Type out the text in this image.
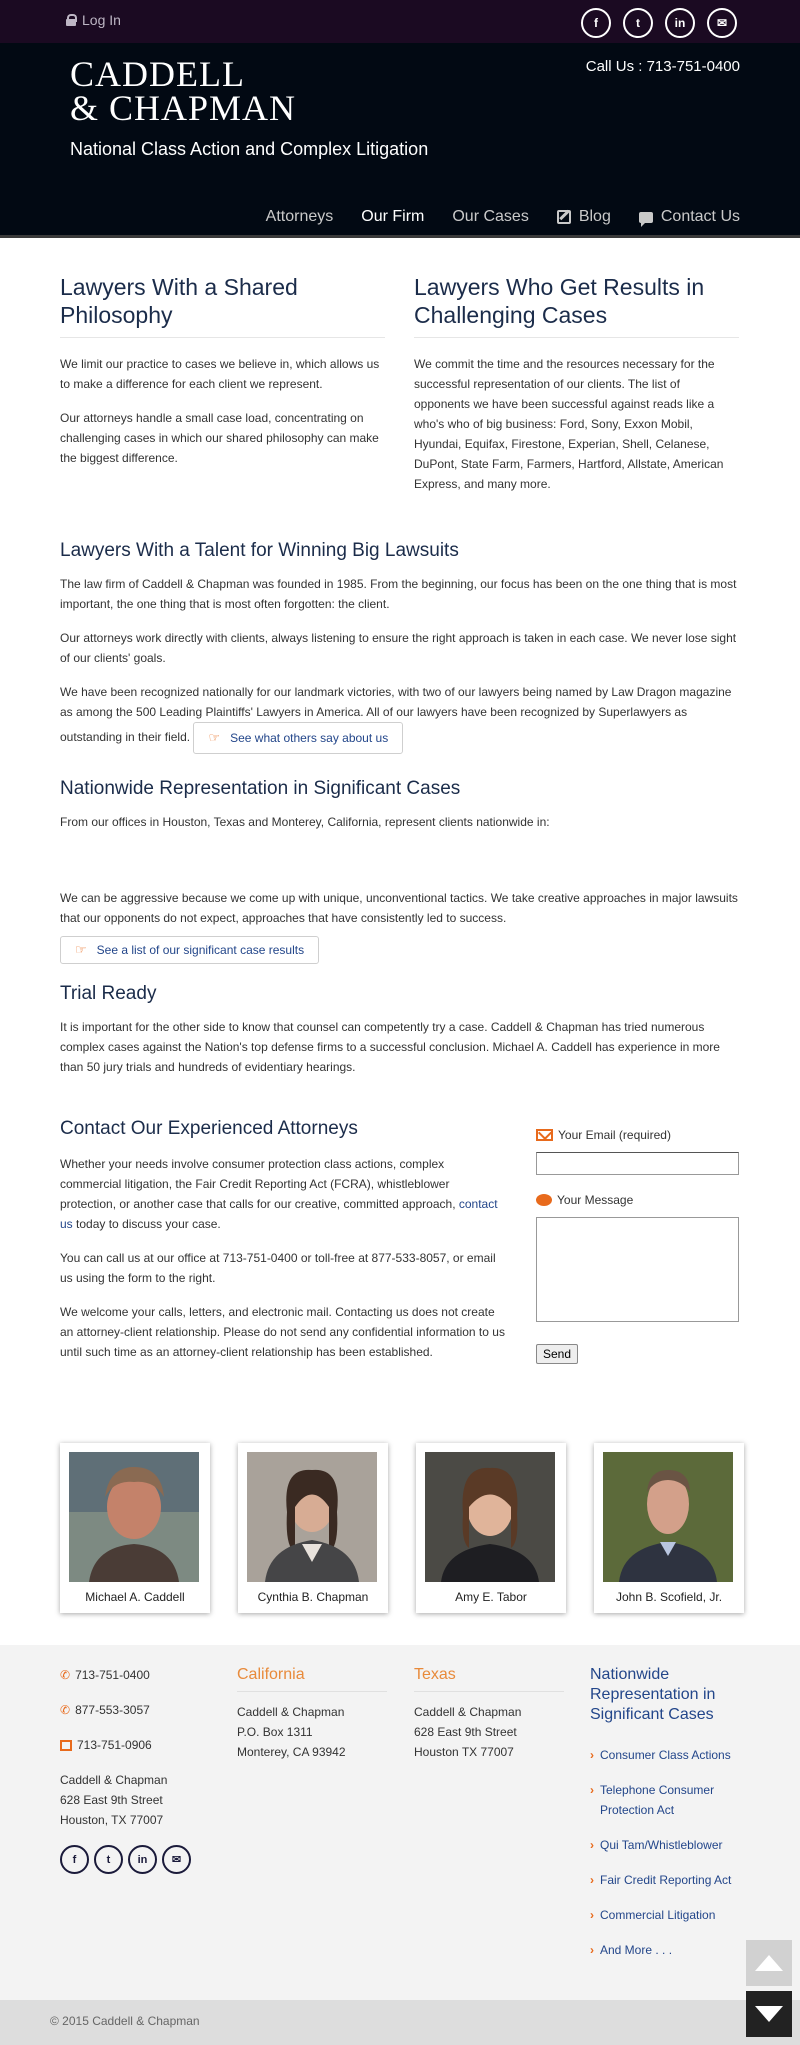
Log In	f	t	in	✉
CADDELL
& CHAPMAN
National Class Action and Complex Litigation
Call Us : 713-751-0400
Attorneys Our Firm Our Cases	Blog	Contact Us
Lawyers With a Shared Philosophy

We limit our practice to cases we believe in, which allows us to make a difference for each client we represent.

Our attorneys handle a small case load, concentrating on challenging cases in which our shared philosophy can make the biggest difference.

Lawyers Who Get Results in Challenging Cases

We commit the time and the resources necessary for the successful representation of our clients. The list of opponents we have been successful against reads like a who's who of big business: Ford, Sony, Exxon Mobil, Hyundai, Equifax, Firestone, Experian, Shell, Celanese, DuPont, State Farm, Farmers, Hartford, Allstate, American Express, and many more.

Lawyers With a Talent for Winning Big Lawsuits

The law firm of Caddell & Chapman was founded in 1985. From the beginning, our focus has been on the one thing that is most important, the one thing that is most often forgotten: the client.

Our attorneys work directly with clients, always listening to ensure the right approach is taken in each case. We never lose sight of our clients' goals.

We have been recognized nationally for our landmark victories, with two of our lawyers being named by Law Dragon magazine as among the 500 Leading Plaintiffs' Lawyers in America. All of our lawyers have been recognized by Superlawyers as outstanding in their field. ☞ See what others say about us

Nationwide Representation in Significant Cases

From our offices in Houston, Texas and Monterey, California, represent clients nationwide in:

We can be aggressive because we come up with unique, unconventional tactics. We take creative approaches in major lawsuits that our opponents do not expect, approaches that have consistently led to success.

☞ See a list of our significant case results
Trial Ready

It is important for the other side to know that counsel can competently try a case. Caddell & Chapman has tried numerous complex cases against the Nation's top defense firms to a successful conclusion. Michael A. Caddell has experience in more than 50 jury trials and hundreds of evidentiary hearings.

Contact Our Experienced Attorneys

Whether your needs involve consumer protection class actions, complex commercial litigation, the Fair Credit Reporting Act (FCRA), whistleblower protection, or another case that calls for our creative, committed approach, contact us today to discuss your case.

You can call us at our office at 713-751-0400 or toll-free at 877-533-8057, or email us using the form to the right.

We welcome your calls, letters, and electronic mail. Contacting us does not create an attorney-client relationship. Please do not send any confidential information to us until such time as an attorney-client relationship has been established.

Your Email (required)
Your Message
Send
Michael A. Caddell	Cynthia B. Chapman	Amy E. Tabor	John B. Scofield, Jr.
✆ 713-751-0400
✆ 877-553-3057
713-751-0906
Caddell & Chapman
628 East 9th Street
Houston, TX 77007
f	t	in	✉
California
Caddell & Chapman
P.O. Box 1311
Monterey, CA 93942
Texas
Caddell & Chapman
628 East 9th Street
Houston TX 77007
Nationwide Representation in Significant Cases
› Consumer Class Actions
› Telephone Consumer Protection Act
› Qui Tam/Whistleblower
› Fair Credit Reporting Act
› Commercial Litigation
› And More . . .
© 2015 Caddell & Chapman
